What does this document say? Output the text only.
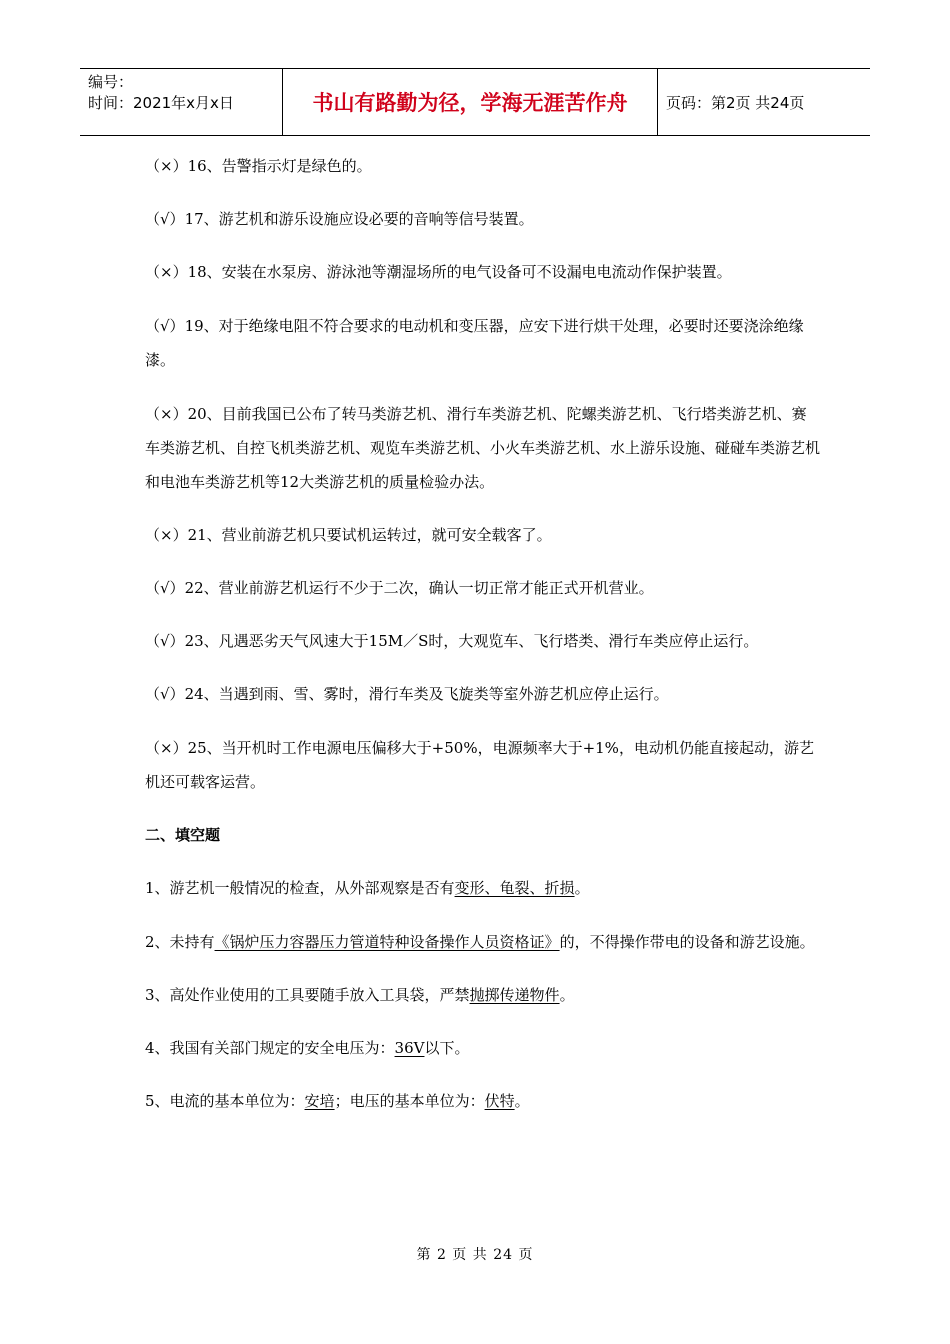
编号：
时间：2021年x月x日	书山有路勤为径，学海无涯苦作舟	页码：第2页 共24页

（×）16、告警指示灯是绿色的。

（√）17、游艺机和游乐设施应设必要的音响等信号装置。

（×）18、安装在水泵房、游泳池等潮湿场所的电气设备可不设漏电电流动作保护装置。

（√）19、对于绝缘电阻不符合要求的电动机和变压器，应安下进行烘干处理，必要时还要浇涂绝缘漆。

（×）20、目前我国已公布了转马类游艺机、滑行车类游艺机、陀螺类游艺机、飞行塔类游艺机、赛车类游艺机、自控飞机类游艺机、观览车类游艺机、小火车类游艺机、水上游乐设施、碰碰车类游艺机和电池车类游艺机等12大类游艺机的质量检验办法。

（×）21、营业前游艺机只要试机运转过，就可安全载客了。

（√）22、营业前游艺机运行不少于二次，确认一切正常才能正式开机营业。

（√）23、凡遇恶劣天气风速大于15M／S时，大观览车、飞行塔类、滑行车类应停止运行。

（√）24、当遇到雨、雪、雾时，滑行车类及飞旋类等室外游艺机应停止运行。

（×）25、当开机时工作电源电压偏移大于+50%，电源频率大于+1%，电动机仍能直接起动，游艺机还可载客运营。

二、填空题

1、游艺机一般情况的检查，从外部观察是否有变形、龟裂、折损。

2、未持有《锅炉压力容器压力管道特种设备操作人员资格证》的，不得操作带电的设备和游艺设施。

3、高处作业使用的工具要随手放入工具袋，严禁抛掷传递物件。

4、我国有关部门规定的安全电压为：36V以下。

5、电流的基本单位为：安培；电压的基本单位为：伏特。

第 2 页 共 24 页
